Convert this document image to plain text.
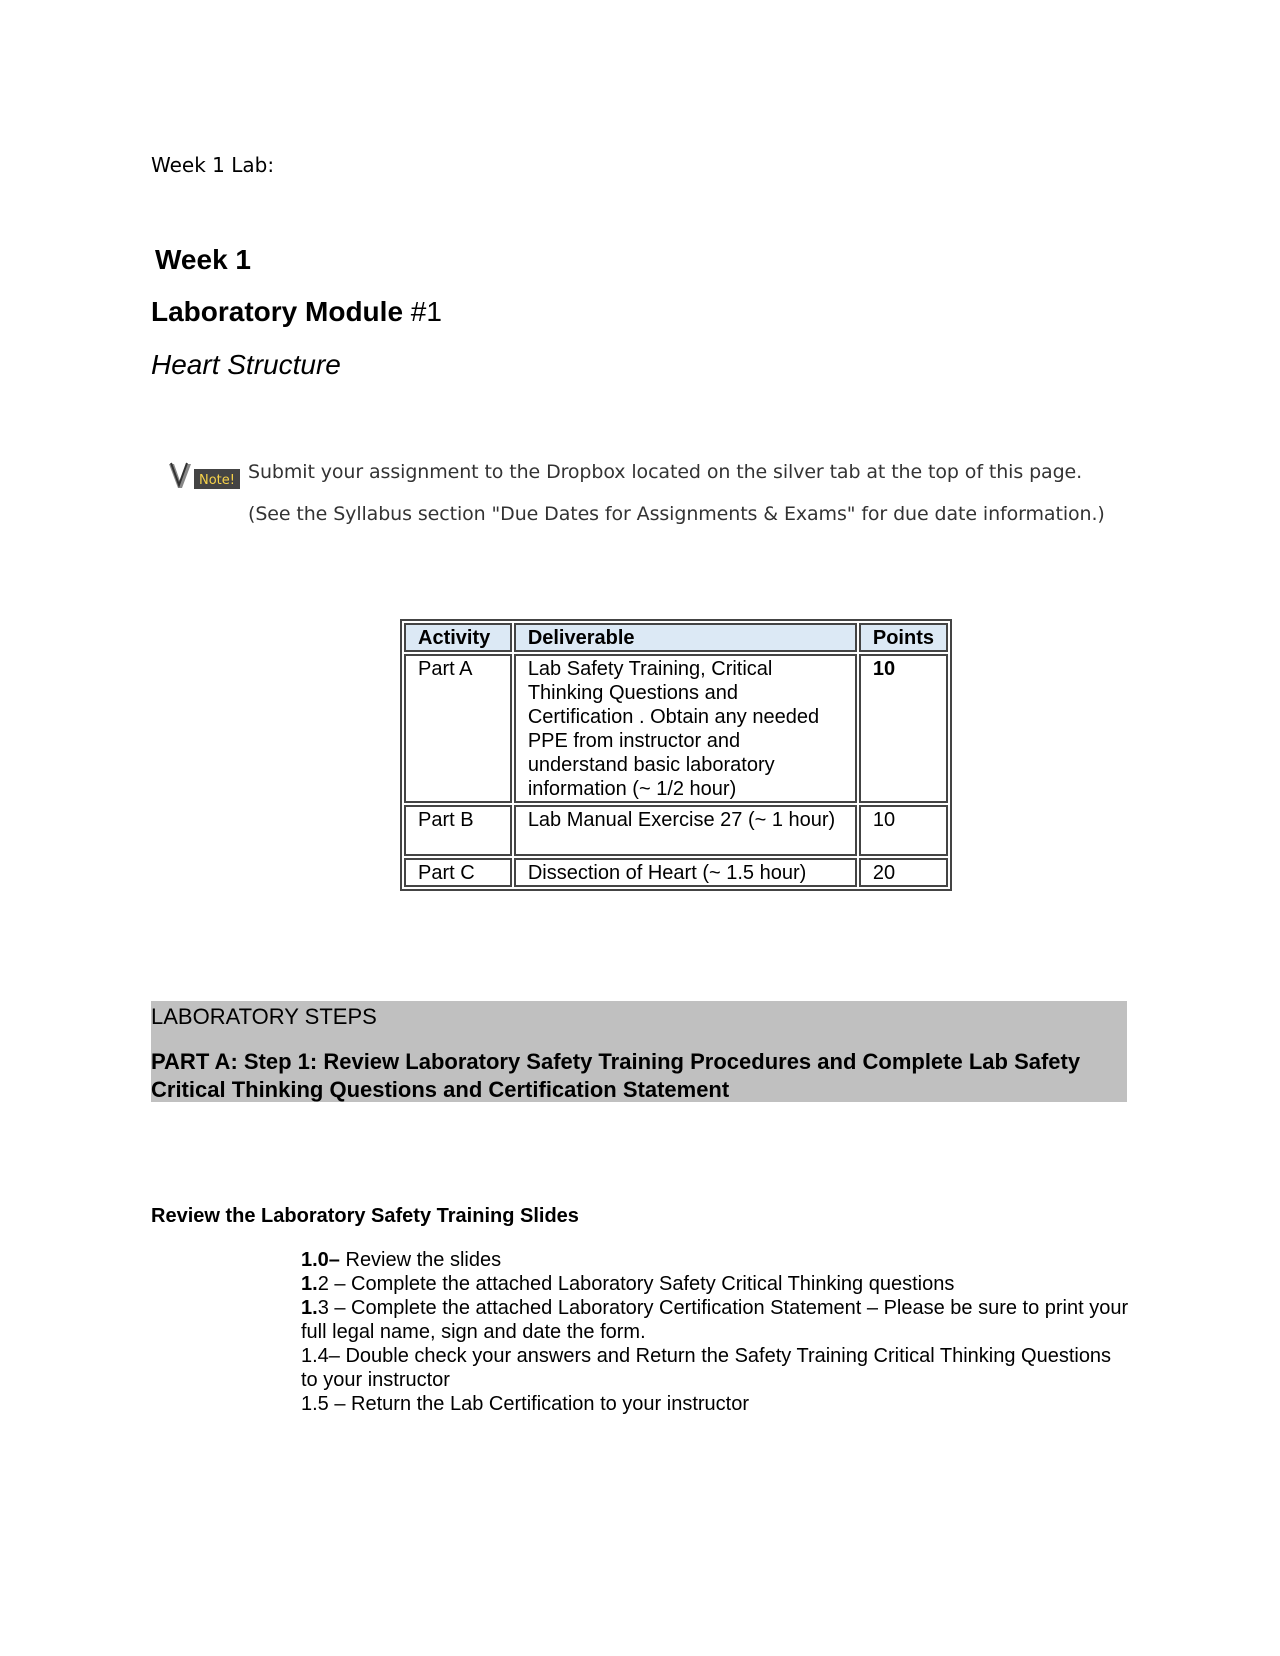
Week 1 Lab:
Week 1
Laboratory Module #1
Heart Structure
Note! Submit your assignment to the Dropbox located on the silver tab at the top of this page.
(See the Syllabus section "Due Dates for Assignments & Exams" for due date information.)
Activity	Deliverable	Points
Part A	Lab Safety Training, Critical Thinking Questions and Certification . Obtain any needed PPE from instructor and understand basic laboratory information (~ 1/2 hour)	10
Part B	Lab Manual Exercise 27 (~ 1 hour)	10
Part C	Dissection of Heart (~ 1.5 hour)	20
LABORATORY STEPS
PART A: Step 1: Review Laboratory Safety Training Procedures and Complete Lab Safety Critical Thinking Questions and Certification Statement
Review the Laboratory Safety Training Slides
1.0– Review the slides
1.2 – Complete the attached Laboratory Safety Critical Thinking questions
1.3 – Complete the attached Laboratory Certification Statement – Please be sure to print your full legal name, sign and date the form.
1.4– Double check your answers and Return the Safety Training Critical Thinking Questions to your instructor
1.5 – Return the Lab Certification to your instructor
